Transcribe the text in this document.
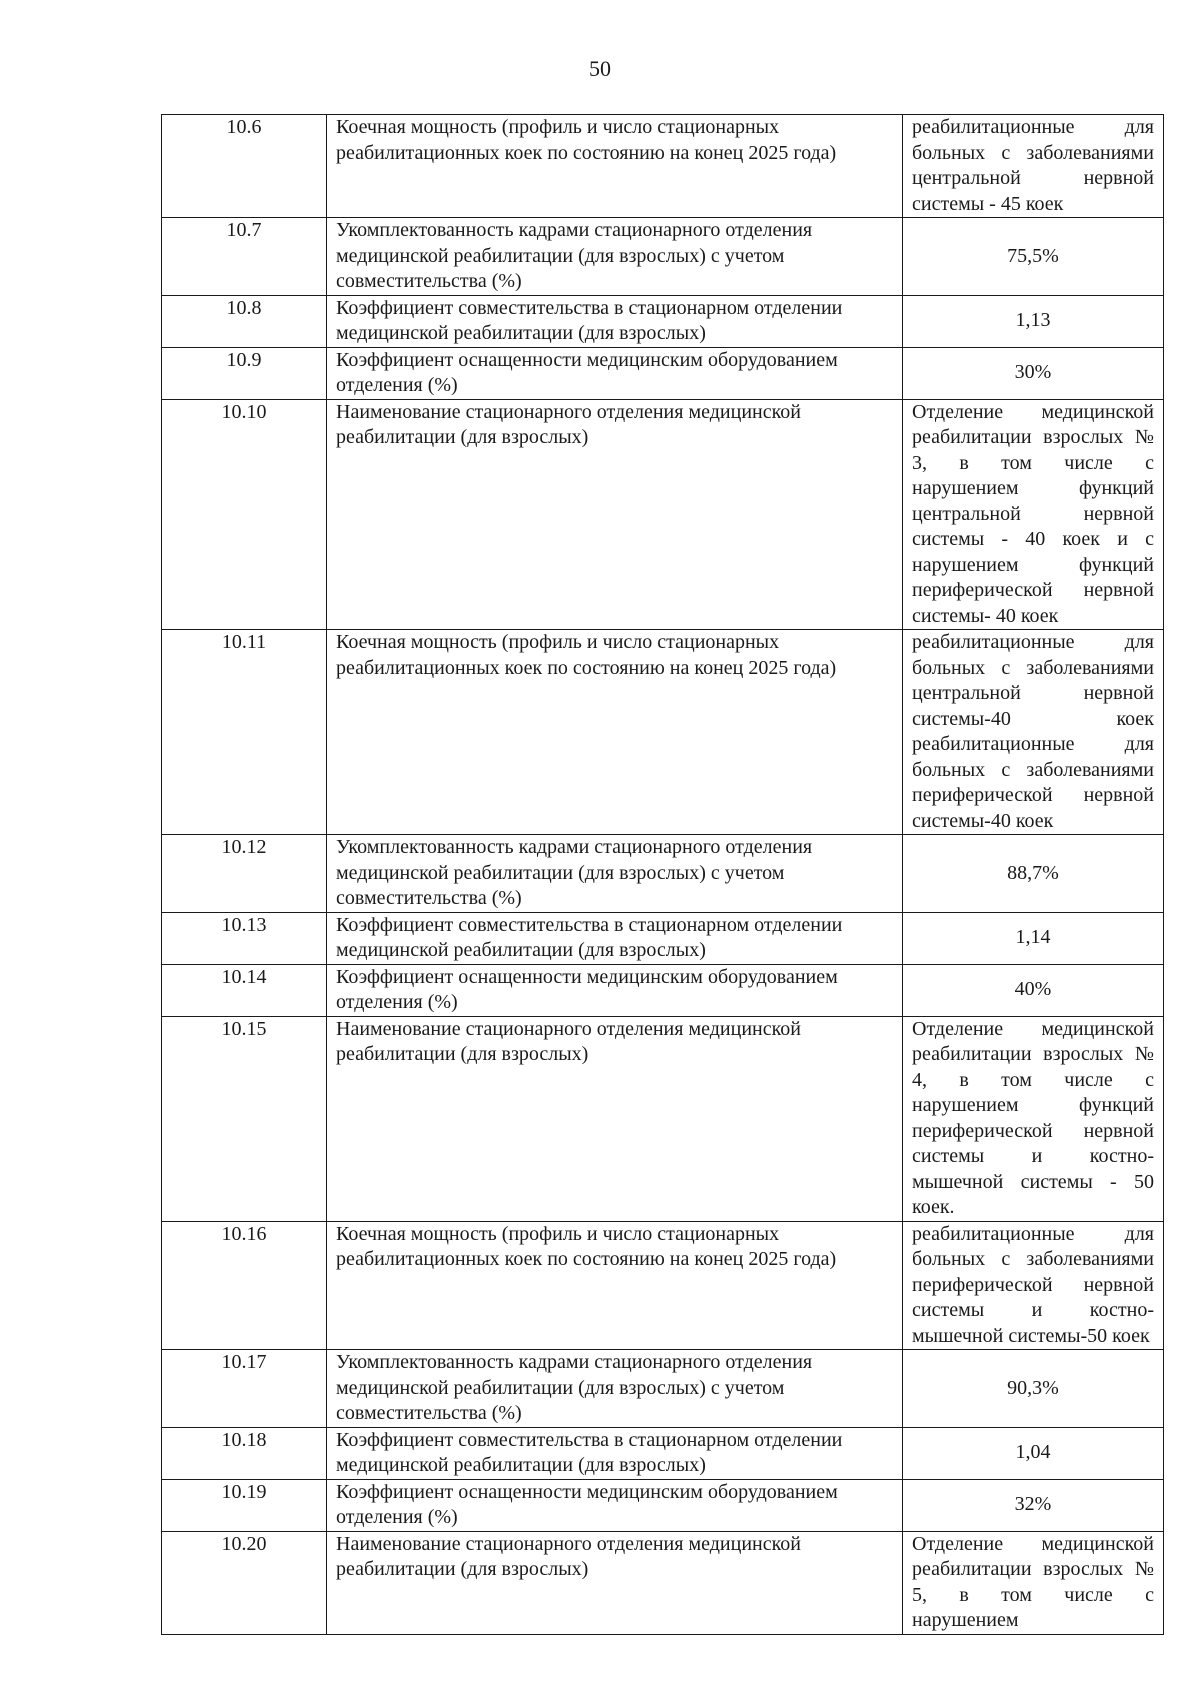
50
10.6	Коечная мощность (профиль и число стационарных реабилитационных коек по состоянию на конец 2025 года)	реабилитационные для больных с заболеваниями центральной нервной системы - 45 коек
10.7	Укомплектованность кадрами стационарного отделения медицинской реабилитации (для взрослых) с учетом совместительства (%)	75,5%
10.8	Коэффициент совместительства в стационарном отделении медицинской реабилитации (для взрослых)	1,13
10.9	Коэффициент оснащенности медицинским оборудованием отделения (%)	30%
10.10	Наименование стационарного отделения медицинской реабилитации (для взрослых)	Отделение медицинской реабилитации взрослых № 3, в том числе с нарушением функций центральной нервной системы - 40 коек и с нарушением функций периферической нервной системы- 40 коек
10.11	Коечная мощность (профиль и число стационарных реабилитационных коек по состоянию на конец 2025 года)	реабилитационные для больных с заболеваниями центральной нервной системы-40 коек реабилитационные для больных с заболеваниями периферической нервной системы-40 коек
10.12	Укомплектованность кадрами стационарного отделения медицинской реабилитации (для взрослых) с учетом совместительства (%)	88,7%
10.13	Коэффициент совместительства в стационарном отделении медицинской реабилитации (для взрослых)	1,14
10.14	Коэффициент оснащенности медицинским оборудованием отделения (%)	40%
10.15	Наименование стационарного отделения медицинской реабилитации (для взрослых)	Отделение медицинской реабилитации взрослых № 4, в том числе с нарушением функций периферической нервной системы и костно-мышечной системы - 50 коек.
10.16	Коечная мощность (профиль и число стационарных реабилитационных коек по состоянию на конец 2025 года)	реабилитационные для больных с заболеваниями периферической нервной системы и костно-мышечной системы-50 коек
10.17	Укомплектованность кадрами стационарного отделения медицинской реабилитации (для взрослых) с учетом совместительства (%)	90,3%
10.18	Коэффициент совместительства в стационарном отделении медицинской реабилитации (для взрослых)	1,04
10.19	Коэффициент оснащенности медицинским оборудованием отделения (%)	32%
10.20	Наименование стационарного отделения медицинской реабилитации (для взрослых)	Отделение медицинской реабилитации взрослых № 5, в том числе с нарушением
